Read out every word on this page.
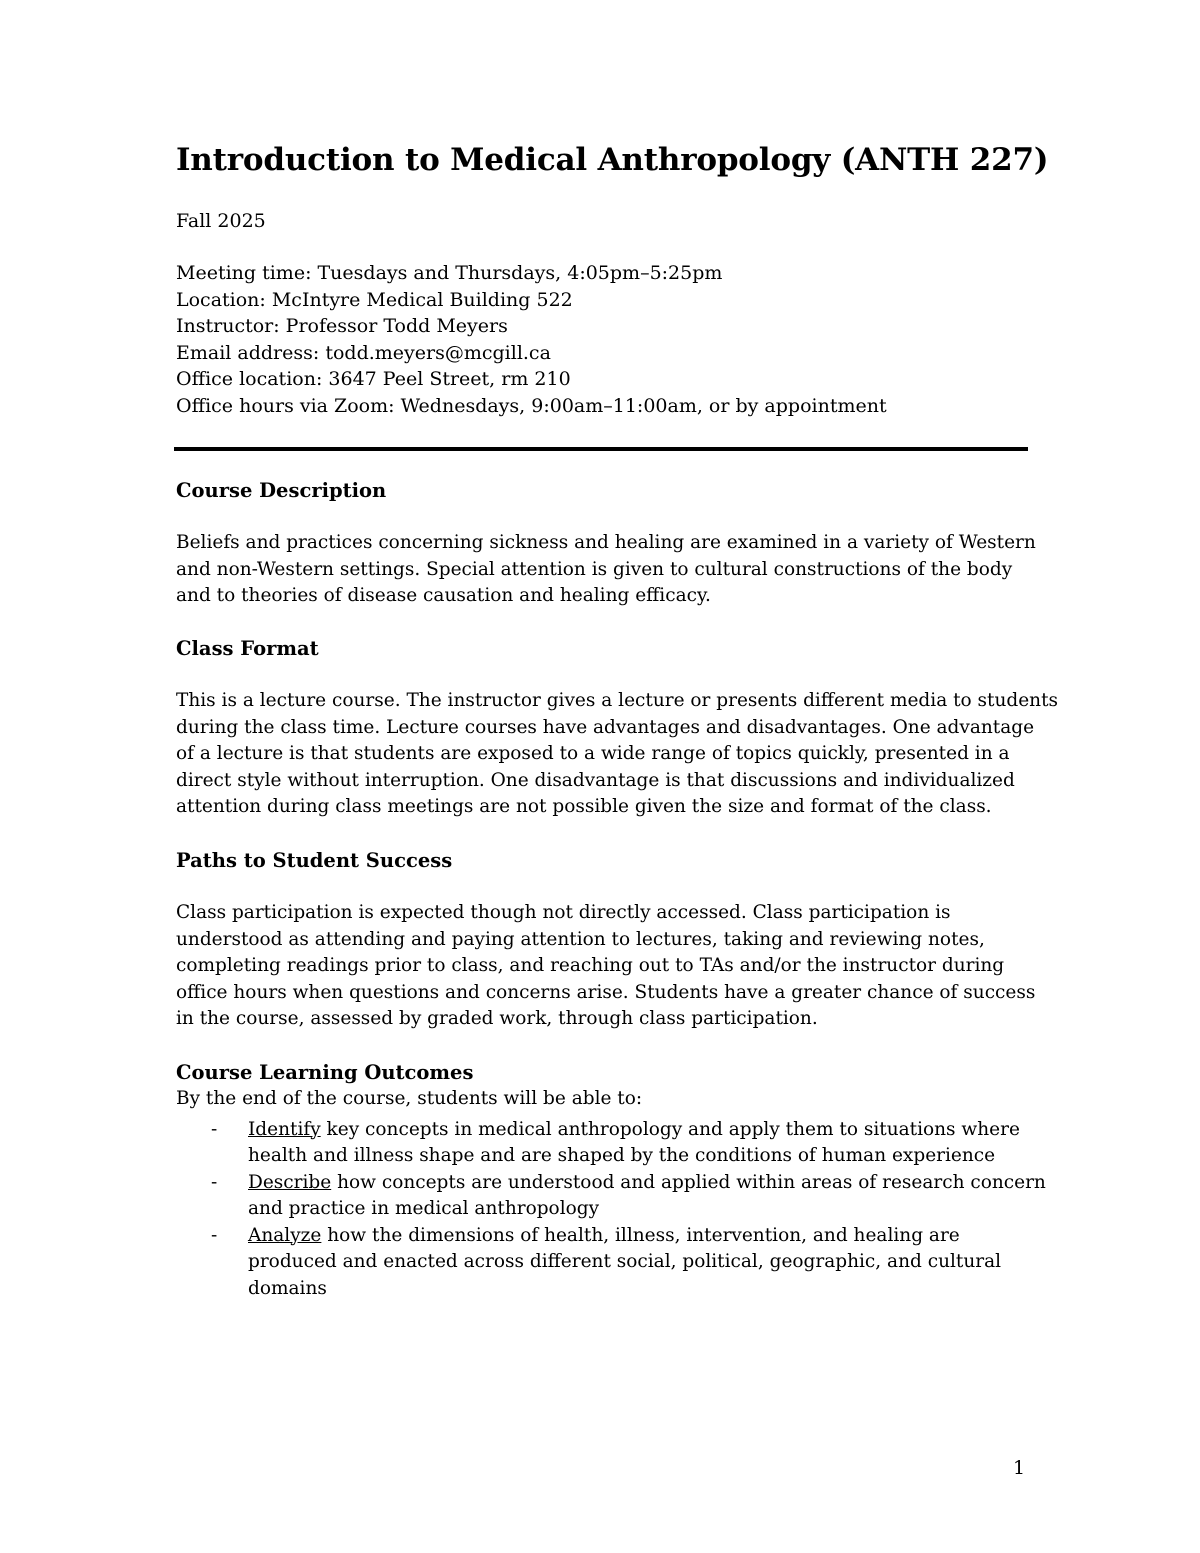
Introduction to Medical Anthropology (ANTH 227)
Fall 2025
Meeting time: Tuesdays and Thursdays, 4:05pm–5:25pm
Location: McIntyre Medical Building 522
Instructor: Professor Todd Meyers
Email address: todd.meyers@mcgill.ca
Office location: 3647 Peel Street, rm 210
Office hours via Zoom: Wednesdays, 9:00am–11:00am, or by appointment
Course Description

Beliefs and practices concerning sickness and healing are examined in a variety of Western
and non-Western settings. Special attention is given to cultural constructions of the body
and to theories of disease causation and healing efficacy.

Class Format

This is a lecture course. The instructor gives a lecture or presents different media to students
during the class time. Lecture courses have advantages and disadvantages. One advantage
of a lecture is that students are exposed to a wide range of topics quickly, presented in a
direct style without interruption. One disadvantage is that discussions and individualized
attention during class meetings are not possible given the size and format of the class.

Paths to Student Success

Class participation is expected though not directly accessed. Class participation is
understood as attending and paying attention to lectures, taking and reviewing notes,
completing readings prior to class, and reaching out to TAs and/or the instructor during
office hours when questions and concerns arise. Students have a greater chance of success
in the course, assessed by graded work, through class participation.

Course Learning Outcomes

By the end of the course, students will be able to:

- Identify key concepts in medical anthropology and apply them to situations where
health and illness shape and are shaped by the conditions of human experience
- Describe how concepts are understood and applied within areas of research concern
and practice in medical anthropology
- Analyze how the dimensions of health, illness, intervention, and healing are
produced and enacted across different social, political, geographic, and cultural
domains
1
